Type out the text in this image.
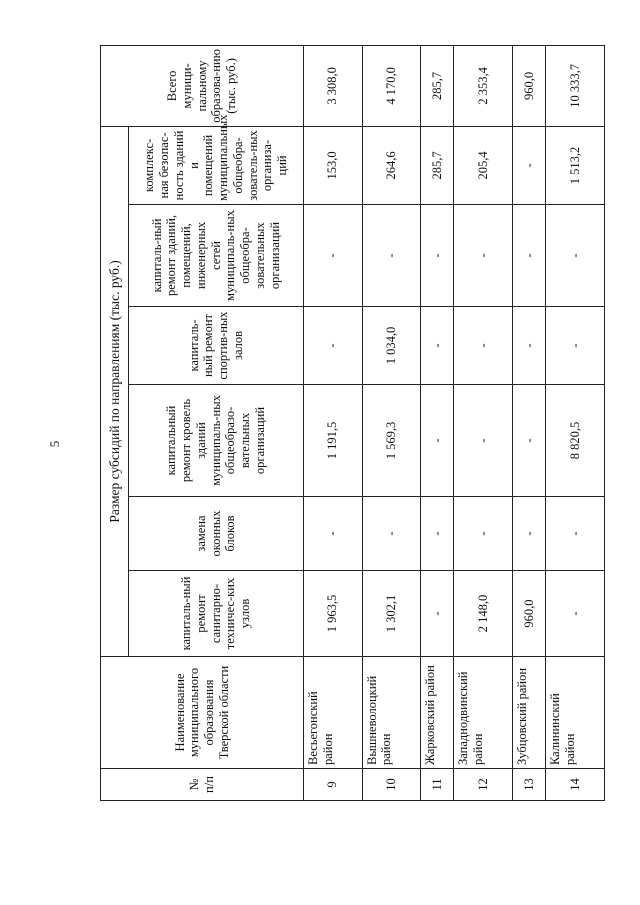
5
№ п/п	Наименование муниципального образования Тверской области	Размер субсидий по направлениям (тыс. руб.)						Всего муници-пальному образова-нию (тыс. руб.)
		капиталь-ный ремонт санитарно-техничес-ких узлов	замена оконных блоков	капитальный ремонт кровель зданий муниципаль-ных общеобразо-вательных организаций	капиталь-ный ремонт спортив-ных залов	капиталь-ный ремонт зданий, помещений, инженерных сетей муниципаль-ных общеобра-зовательных организаций	комплекс-ная безопас-ность зданий и помещений муниципальных общеобра-зователь-ных организа-ций	
9	Весьегонский район	1 963,5	-	1 191,5	-	-	153,0	3 308,0
10	Вышневолоцкий район	1 302,1	-	1 569,3	1 034,0	-	264,6	4 170,0
11	Жарковский район	-	-	-	-	-	285,7	285,7
12	Западнодвинский район	2 148,0	-	-	-	-	205,4	2 353,4
13	Зубцовский район	960,0	-	-	-	-	-	960,0
14	Калининский район	-	-	8 820,5	-	-	1 513,2	10 333,7
